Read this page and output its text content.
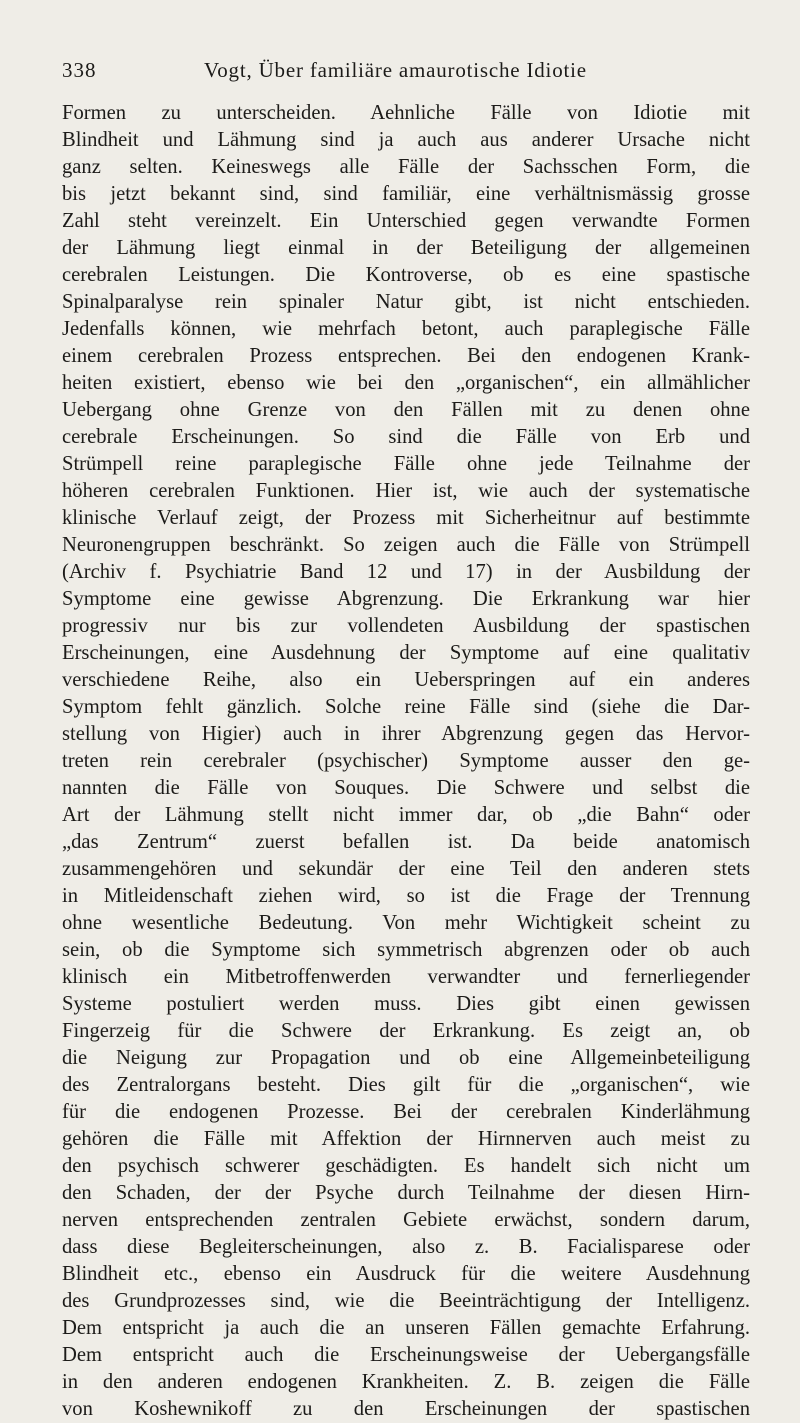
338	Vogt, Über familiäre amaurotische Idiotie
Formen zu unterscheiden. Aehnliche Fälle von Idiotie mit
Blindheit und Lähmung sind ja auch aus anderer Ursache nicht
ganz selten. Keineswegs alle Fälle der Sachsschen Form, die
bis jetzt bekannt sind, sind familiär, eine verhältnismässig grosse
Zahl steht vereinzelt. Ein Unterschied gegen verwandte Formen
der Lähmung liegt einmal in der Beteiligung der allgemeinen
cerebralen Leistungen. Die Kontroverse, ob es eine spastische
Spinalparalyse rein spinaler Natur gibt, ist nicht entschieden.
Jedenfalls können, wie mehrfach betont, auch paraplegische Fälle
einem cerebralen Prozess entsprechen. Bei den endogenen Krank-
heiten existiert, ebenso wie bei den „organischen“, ein allmählicher
Uebergang ohne Grenze von den Fällen mit zu denen ohne
cerebrale Erscheinungen. So sind die Fälle von Erb und
Strümpell reine paraplegische Fälle ohne jede Teilnahme der
höheren cerebralen Funktionen. Hier ist, wie auch der systematische
klinische Verlauf zeigt, der Prozess mit Sicherheitnur auf bestimmte
Neuronengruppen beschränkt. So zeigen auch die Fälle von Strümpell
(Archiv f. Psychiatrie Band 12 und 17) in der Ausbildung der
Symptome eine gewisse Abgrenzung. Die Erkrankung war hier
progressiv nur bis zur vollendeten Ausbildung der spastischen
Erscheinungen, eine Ausdehnung der Symptome auf eine qualitativ
verschiedene Reihe, also ein Ueberspringen auf ein anderes
Symptom fehlt gänzlich. Solche reine Fälle sind (siehe die Dar-
stellung von Higier) auch in ihrer Abgrenzung gegen das Hervor-
treten rein cerebraler (psychischer) Symptome ausser den ge-
nannten die Fälle von Souques. Die Schwere und selbst die
Art der Lähmung stellt nicht immer dar, ob „die Bahn“ oder
„das Zentrum“ zuerst befallen ist. Da beide anatomisch
zusammengehören und sekundär der eine Teil den anderen stets
in Mitleidenschaft ziehen wird, so ist die Frage der Trennung
ohne wesentliche Bedeutung. Von mehr Wichtigkeit scheint zu
sein, ob die Symptome sich symmetrisch abgrenzen oder ob auch
klinisch ein Mitbetroffenwerden verwandter und fernerliegender
Systeme postuliert werden muss. Dies gibt einen gewissen
Fingerzeig für die Schwere der Erkrankung. Es zeigt an, ob
die Neigung zur Propagation und ob eine Allgemeinbeteiligung
des Zentralorgans besteht. Dies gilt für die „organischen“, wie
für die endogenen Prozesse. Bei der cerebralen Kinderlähmung
gehören die Fälle mit Affektion der Hirnnerven auch meist zu
den psychisch schwerer geschädigten. Es handelt sich nicht um
den Schaden, der der Psyche durch Teilnahme der diesen Hirn-
nerven entsprechenden zentralen Gebiete erwächst, sondern darum,
dass diese Begleiterscheinungen, also z. B. Facialisparese oder
Blindheit etc., ebenso ein Ausdruck für die weitere Ausdehnung
des Grundprozesses sind, wie die Beeinträchtigung der Intelligenz.
Dem entspricht ja auch die an unseren Fällen gemachte Erfahrung.
Dem entspricht auch die Erscheinungsweise der Uebergangsfälle
in den anderen endogenen Krankheiten. Z. B. zeigen die Fälle
von Koshewnikoff zu den Erscheinungen der spastischen
